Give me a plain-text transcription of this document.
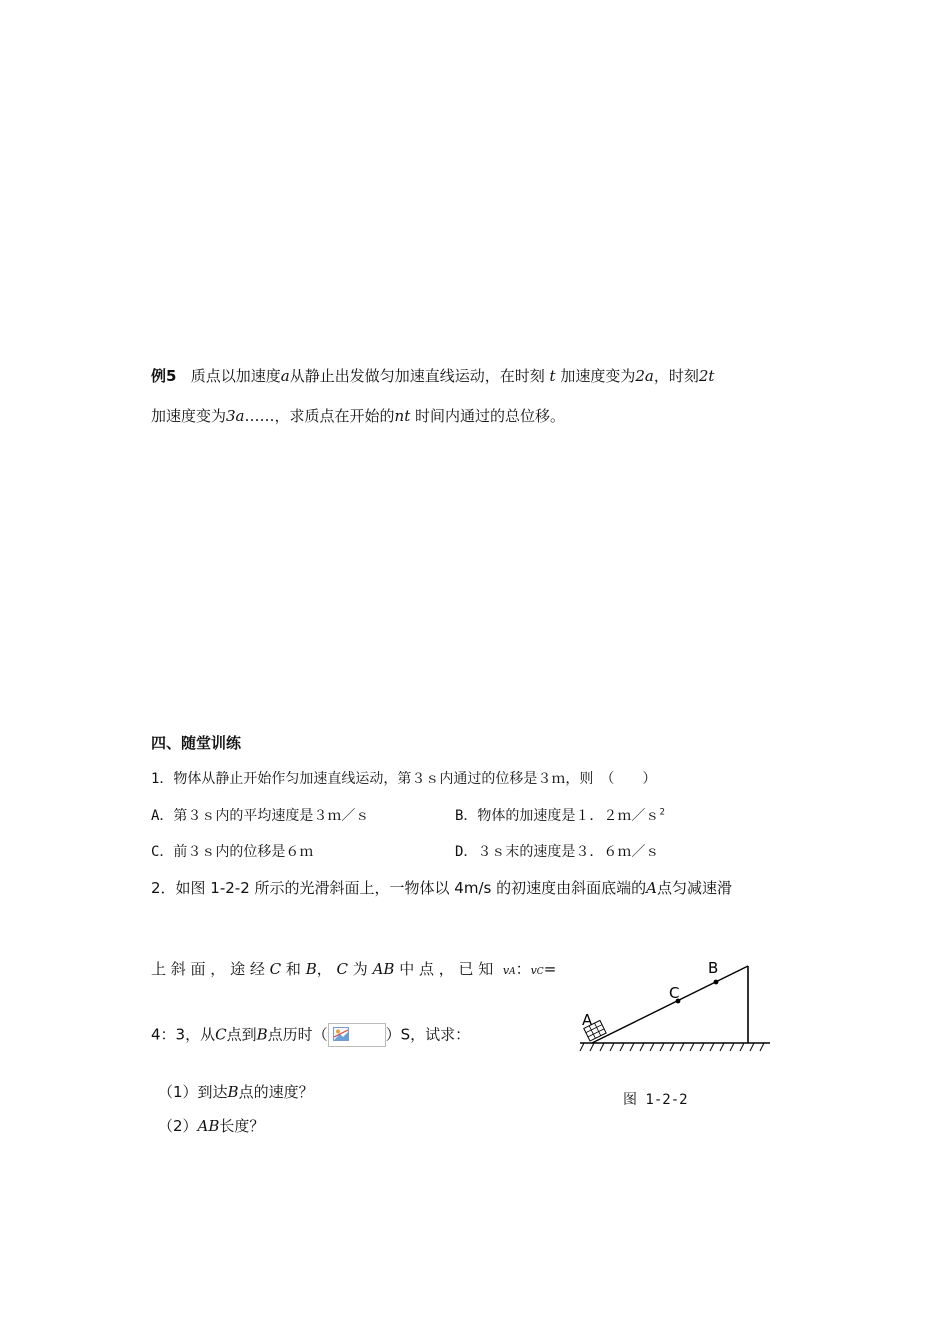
例5 质点以加速度a从静止出发做匀加速直线运动，在时刻 t 加速度变为2a，时刻2t
加速度变为3a……，求质点在开始的nt 时间内通过的总位移。
四、随堂训练
1．物体从静止开始作匀加速直线运动，第３ｓ内通过的位移是３ｍ，则　（　　）
A．第３ｓ内的平均速度是３ｍ／ｓ	B．物体的加速度是１．２ｍ／ｓ$^2$
C．前３ｓ内的位移是６ｍ	D．３ｓ末的速度是３．６ｍ／ｓ
2．如图 1-2-2 所示的光滑斜面上，一物体以 4m/s 的初速度由斜面底端的A点匀减速滑
上 斜 面 ， 途 经 C 和 B， C 为 AB 中 点 ， 已 知 vA：vC=
4：3，从C点到B点历时（	）S，试求：
（1）到达B点的速度？
（2）AB长度？
A
C
B
图 1-2-2
